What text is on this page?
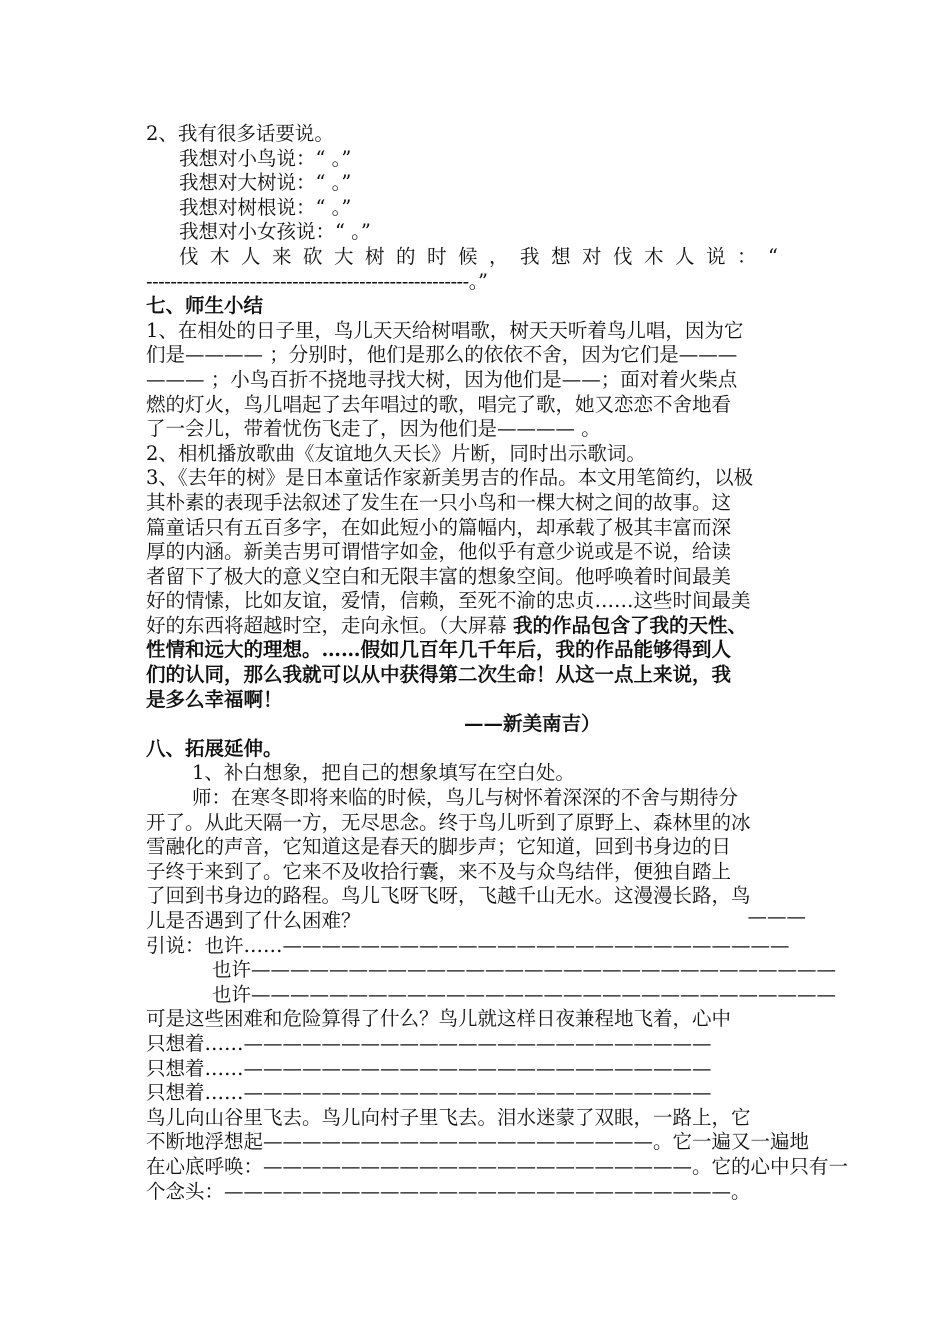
2、我有很多话要说。
我想对小鸟说：“ 。”
我想对大树说：“ 。”
我想对树根说：“ 。”
我想对小女孩说：“ 。”
伐木人来砍大树的时候，我想对伐木人说：“
-----------------------------------------------------。”
七、师生小结
1、在相处的日子里，鸟儿天天给树唱歌，树天天听着鸟儿唱，因为它
们是———— ；分别时，他们是那么的依依不舍，因为它们是———
——— ；小鸟百折不挠地寻找大树，因为他们是——；面对着火柴点
燃的灯火，鸟儿唱起了去年唱过的歌，唱完了歌，她又恋恋不舍地看
了一会儿，带着忧伤飞走了，因为他们是———— 。
2、相机播放歌曲《友谊地久天长》片断，同时出示歌词。
3、《去年的树》是日本童话作家新美男吉的作品。本文用笔简约，以极
其朴素的表现手法叙述了发生在一只小鸟和一棵大树之间的故事。这
篇童话只有五百多字，在如此短小的篇幅内，却承载了极其丰富而深
厚的内涵。新美吉男可谓惜字如金，他似乎有意少说或是不说，给读
者留下了极大的意义空白和无限丰富的想象空间。他呼唤着时间最美
好的情愫，比如友谊，爱情，信赖，至死不渝的忠贞……这些时间最美
好的东西将超越时空，走向永恒。（大屏幕 我的作品包含了我的天性、
性情和远大的理想。……假如几百年几千年后，我的作品能够得到人
们的认同，那么我就可以从中获得第二次生命！从这一点上来说，我
是多么幸福啊！
——新美南吉）
八、拓展延伸。
1、补白想象，把自己的想象填写在空白处。
师：在寒冬即将来临的时候，鸟儿与树怀着深深的不舍与期待分
开了。从此天隔一方，无尽思念。终于鸟儿听到了原野上、森林里的冰
雪融化的声音，它知道这是春天的脚步声；它知道，回到书身边的日
子终于来到了。它来不及收拾行囊，来不及与众鸟结伴，便独自踏上
了回到书身边的路程。鸟儿飞呀飞呀，飞越千山无水。这漫漫长路，鸟
儿是否遇到了什么困难？	———
引说：也许……——————————————————————————
也许——————————————————————————————
也许——————————————————————————————
可是这些困难和危险算得了什么？鸟儿就这样日夜兼程地飞着，心中
只想着……————————————————————————
只想着……————————————————————————
只想着……————————————————————————
鸟儿向山谷里飞去。鸟儿向村子里飞去。泪水迷蒙了双眼，一路上，它
不断地浮想起————————————————————。它一遍又一遍地
在心底呼唤：——————————————————————。它的心中只有一
个念头：——————————————————————————。
